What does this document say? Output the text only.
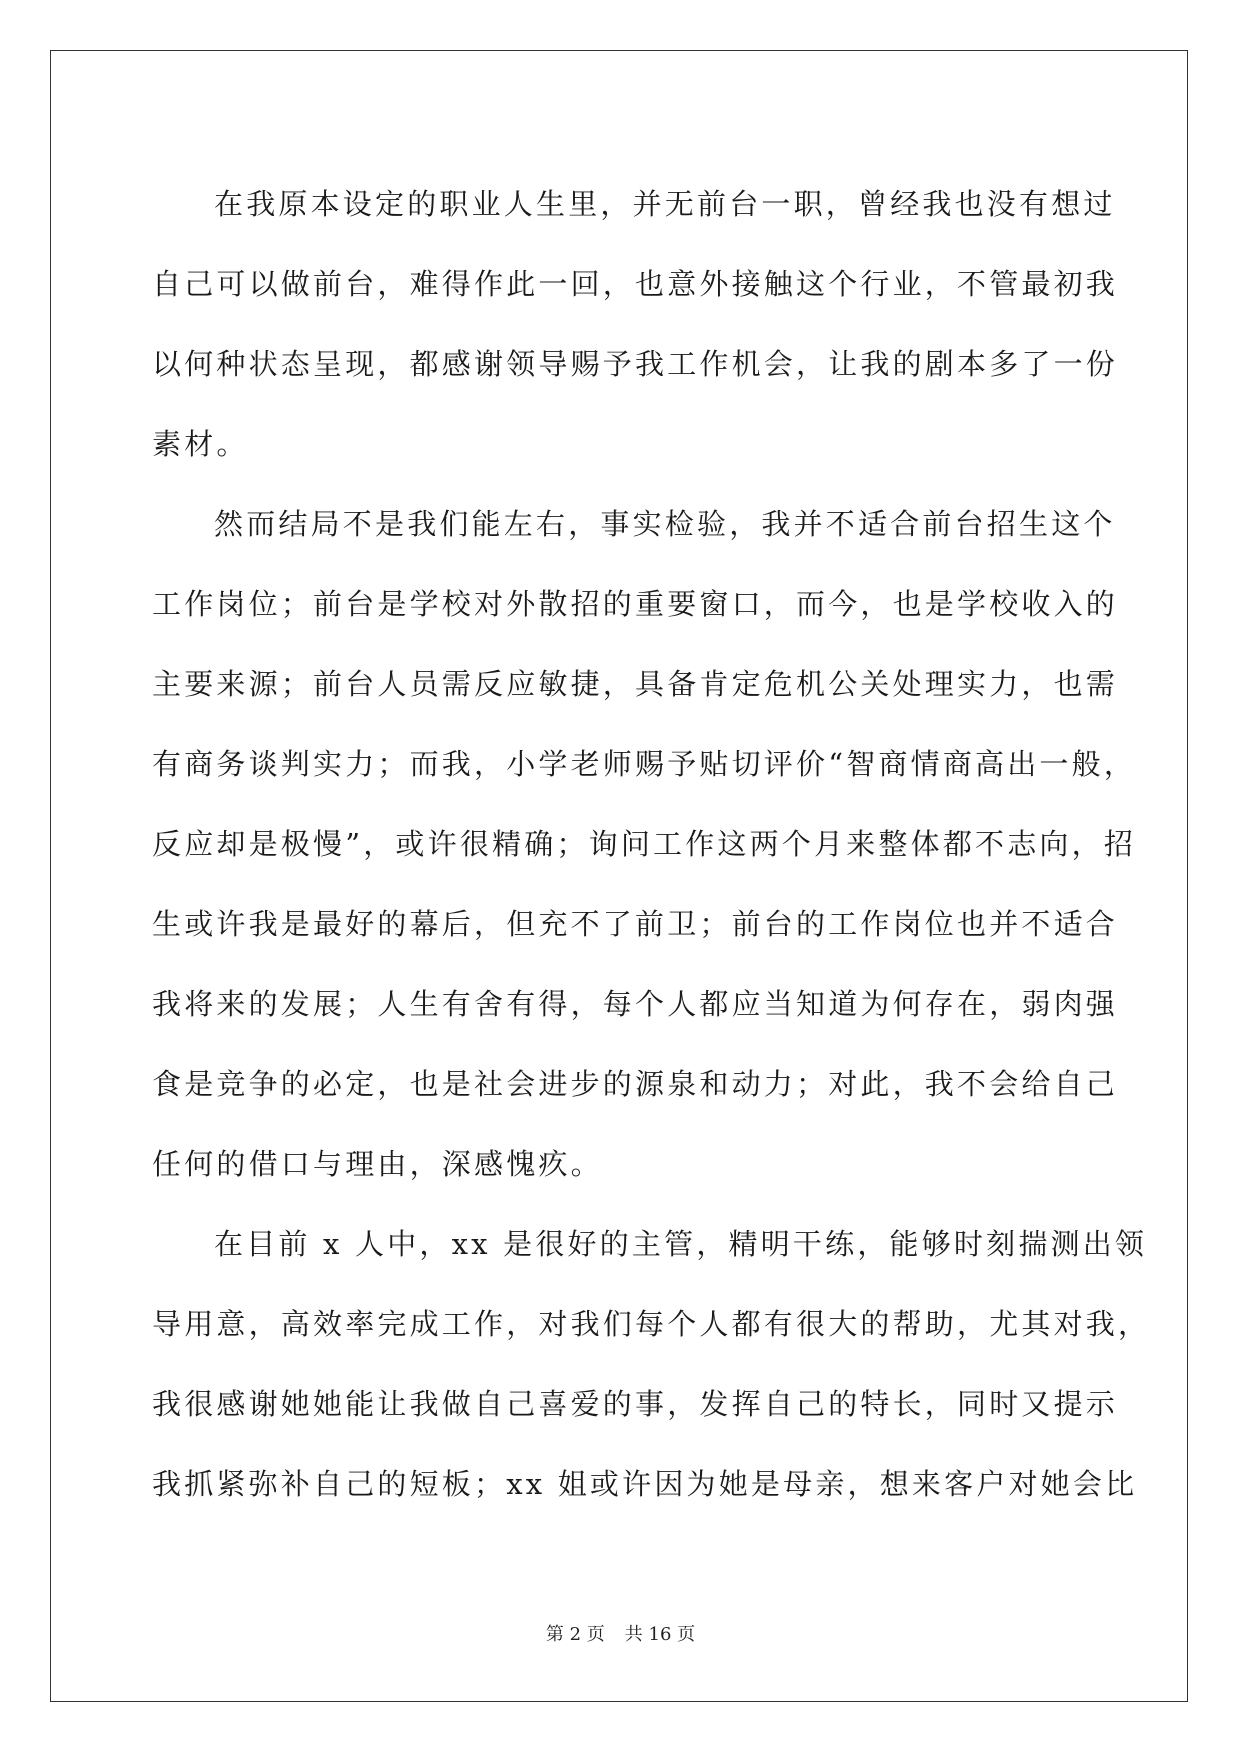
在我原本设定的职业人生里，并无前台一职，曾经我也没有想过
自己可以做前台，难得作此一回，也意外接触这个行业，不管最初我
以何种状态呈现，都感谢领导赐予我工作机会，让我的剧本多了一份
素材。
然而结局不是我们能左右，事实检验，我并不适合前台招生这个
工作岗位；前台是学校对外散招的重要窗口，而今，也是学校收入的
主要来源；前台人员需反应敏捷，具备肯定危机公关处理实力，也需
有商务谈判实力；而我，小学老师赐予贴切评价“智商情商高出一般，
反应却是极慢”，或许很精确；询问工作这两个月来整体都不志向，招
生或许我是最好的幕后，但充不了前卫；前台的工作岗位也并不适合
我将来的发展；人生有舍有得，每个人都应当知道为何存在，弱肉强
食是竞争的必定，也是社会进步的源泉和动力；对此，我不会给自己
任何的借口与理由，深感愧疚。
在目前 x 人中，xx 是很好的主管，精明干练，能够时刻揣测出领
导用意，高效率完成工作，对我们每个人都有很大的帮助，尤其对我，
我很感谢她她能让我做自己喜爱的事，发挥自己的特长，同时又提示
我抓紧弥补自己的短板；xx 姐或许因为她是母亲，想来客户对她会比
第 2 页 共 16 页
